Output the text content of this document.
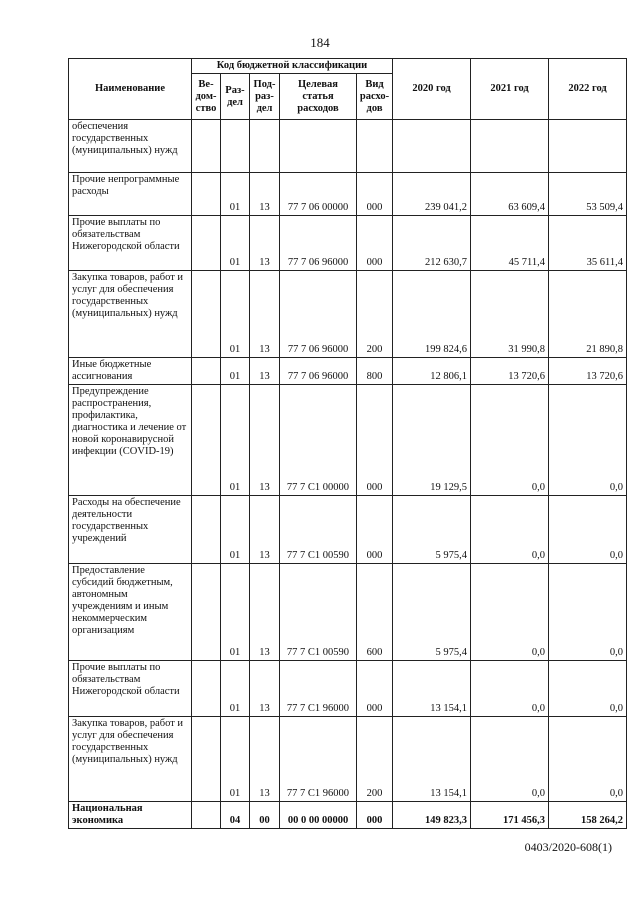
184
Наименование	Код бюджетной классификации					2020 год	2021 год	2022 год
	Ве-дом-ство	Раз-дел	Под-раз-дел	Целевая статья расходов	Вид расхо-дов			
обеспечения государственных (муниципальных) нужд								
Прочие непрограммные расходы		01	13	77 7 06 00000	000	239 041,2	63 609,4	53 509,4
Прочие выплаты по обязательствам Нижегородской области		01	13	77 7 06 96000	000	212 630,7	45 711,4	35 611,4
Закупка товаров, работ и услуг для обеспечения государственных (муниципальных) нужд		01	13	77 7 06 96000	200	199 824,6	31 990,8	21 890,8
Иные бюджетные ассигнования		01	13	77 7 06 96000	800	12 806,1	13 720,6	13 720,6
Предупреждение распространения, профилактика, диагностика и лечение от новой коронавирусной инфекции (COVID-19)		01	13	77 7 C1 00000	000	19 129,5	0,0	0,0
Расходы на обеспечение деятельности государственных учреждений		01	13	77 7 C1 00590	000	5 975,4	0,0	0,0
Предоставление субсидий бюджетным, автономным учреждениям и иным некоммерческим организациям		01	13	77 7 C1 00590	600	5 975,4	0,0	0,0
Прочие выплаты по обязательствам Нижегородской области		01	13	77 7 C1 96000	000	13 154,1	0,0	0,0
Закупка товаров, работ и услуг для обеспечения государственных (муниципальных) нужд		01	13	77 7 C1 96000	200	13 154,1	0,0	0,0
Национальная экономика		04	00	00 0 00 00000	000	149 823,3	171 456,3	158 264,2
0403/2020-608(1)
